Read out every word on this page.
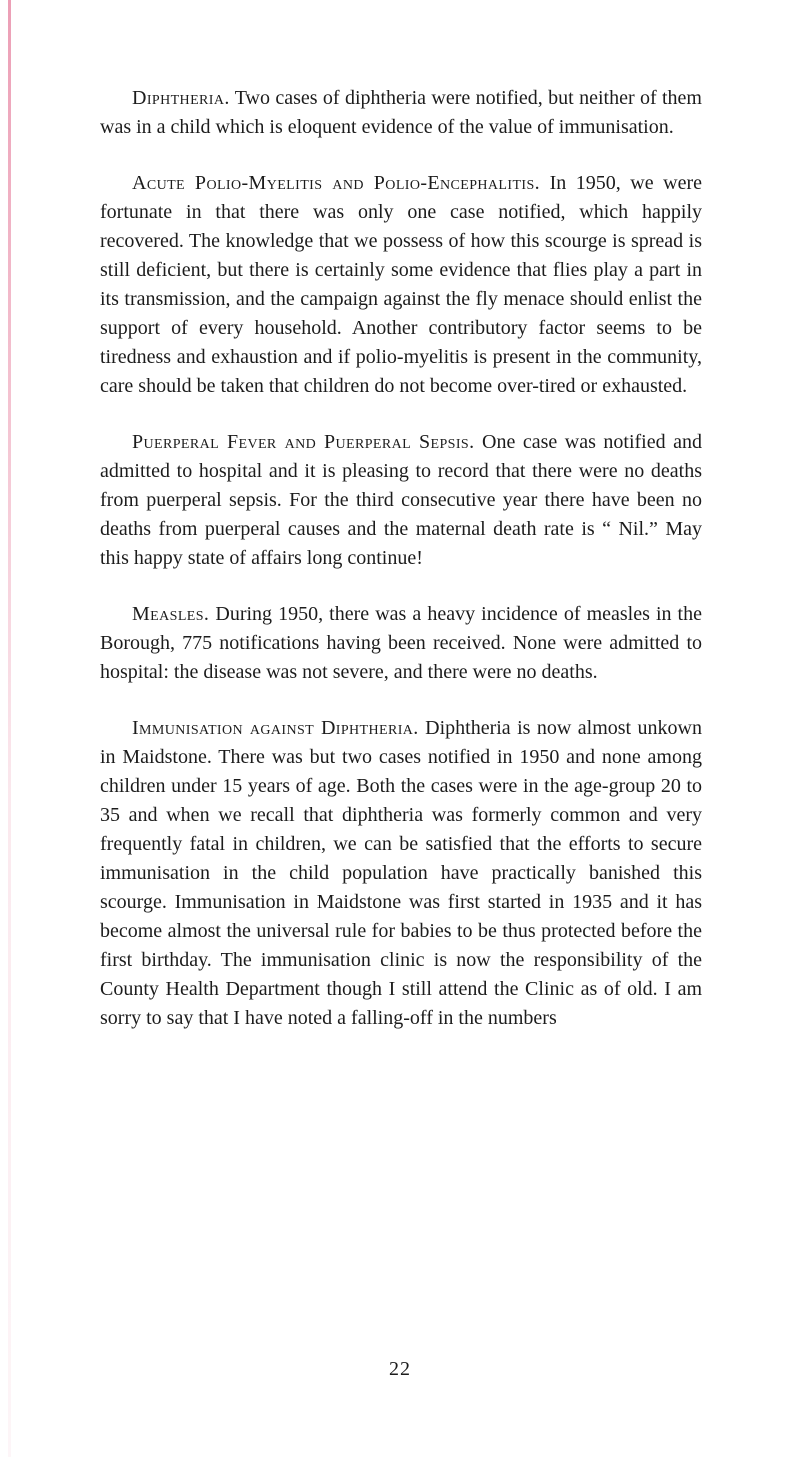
Diphtheria. Two cases of diphtheria were notified, but neither of them was in a child which is eloquent evidence of the value of immunisation.

Acute Polio-Myelitis and Polio-Encephalitis. In 1950, we were fortunate in that there was only one case notified, which happily recovered. The knowledge that we possess of how this scourge is spread is still deficient, but there is certainly some evidence that flies play a part in its transmission, and the campaign against the fly menace should enlist the support of every household. Another contributory factor seems to be tiredness and exhaustion and if polio-myelitis is present in the community, care should be taken that children do not become over-tired or exhausted.

Puerperal Fever and Puerperal Sepsis. One case was notified and admitted to hospital and it is pleasing to record that there were no deaths from puerperal sepsis. For the third consecutive year there have been no deaths from puerperal causes and the maternal death rate is “ Nil.” May this happy state of affairs long continue!

Measles. During 1950, there was a heavy incidence of measles in the Borough, 775 notifications having been received. None were admitted to hospital: the disease was not severe, and there were no deaths.

Immunisation against Diphtheria. Diphtheria is now almost unkown in Maidstone. There was but two cases notified in 1950 and none among children under 15 years of age. Both the cases were in the age-group 20 to 35 and when we recall that diphtheria was formerly common and very frequently fatal in children, we can be satisfied that the efforts to secure immunisation in the child population have practically banished this scourge. Immunisation in Maidstone was first started in 1935 and it has become almost the universal rule for babies to be thus protected before the first birthday. The immunisation clinic is now the responsibility of the County Health Department though I still attend the Clinic as of old. I am sorry to say that I have noted a falling-off in the numbers

22
